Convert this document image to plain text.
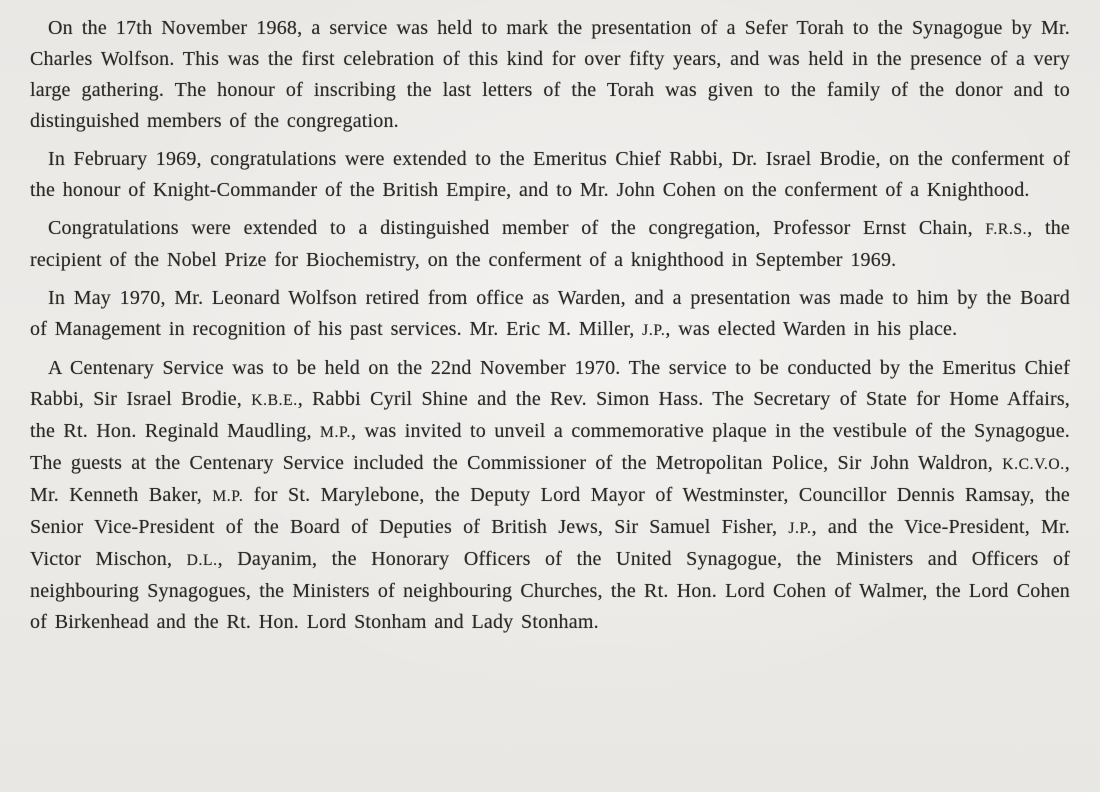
On the 17th November 1968, a service was held to mark the presentation of a Sefer Torah to the Synagogue by Mr. Charles Wolfson. This was the first celebration of this kind for over fifty years, and was held in the presence of a very large gathering. The honour of inscribing the last letters of the Torah was given to the family of the donor and to distinguished members of the congregation.

In February 1969, congratulations were extended to the Emeritus Chief Rabbi, Dr. Israel Brodie, on the conferment of the honour of Knight-Commander of the British Empire, and to Mr. John Cohen on the conferment of a Knighthood.

Congratulations were extended to a distinguished member of the congregation, Professor Ernst Chain, F.R.S., the recipient of the Nobel Prize for Biochemistry, on the conferment of a knighthood in September 1969.

In May 1970, Mr. Leonard Wolfson retired from office as Warden, and a presentation was made to him by the Board of Management in recognition of his past services. Mr. Eric M. Miller, J.P., was elected Warden in his place.

A Centenary Service was to be held on the 22nd November 1970. The service to be conducted by the Emeritus Chief Rabbi, Sir Israel Brodie, K.B.E., Rabbi Cyril Shine and the Rev. Simon Hass. The Secretary of State for Home Affairs, the Rt. Hon. Reginald Maudling, M.P., was invited to unveil a commemorative plaque in the vestibule of the Synagogue. The guests at the Centenary Service included the Commissioner of the Metropolitan Police, Sir John Waldron, K.C.V.O., Mr. Kenneth Baker, M.P. for St. Marylebone, the Deputy Lord Mayor of Westminster, Councillor Dennis Ramsay, the Senior Vice-President of the Board of Deputies of British Jews, Sir Samuel Fisher, J.P., and the Vice-President, Mr. Victor Mischon, D.L., Dayanim, the Honorary Officers of the United Synagogue, the Ministers and Officers of neighbouring Synagogues, the Ministers of neighbouring Churches, the Rt. Hon. Lord Cohen of Walmer, the Lord Cohen of Birkenhead and the Rt. Hon. Lord Stonham and Lady Stonham.
